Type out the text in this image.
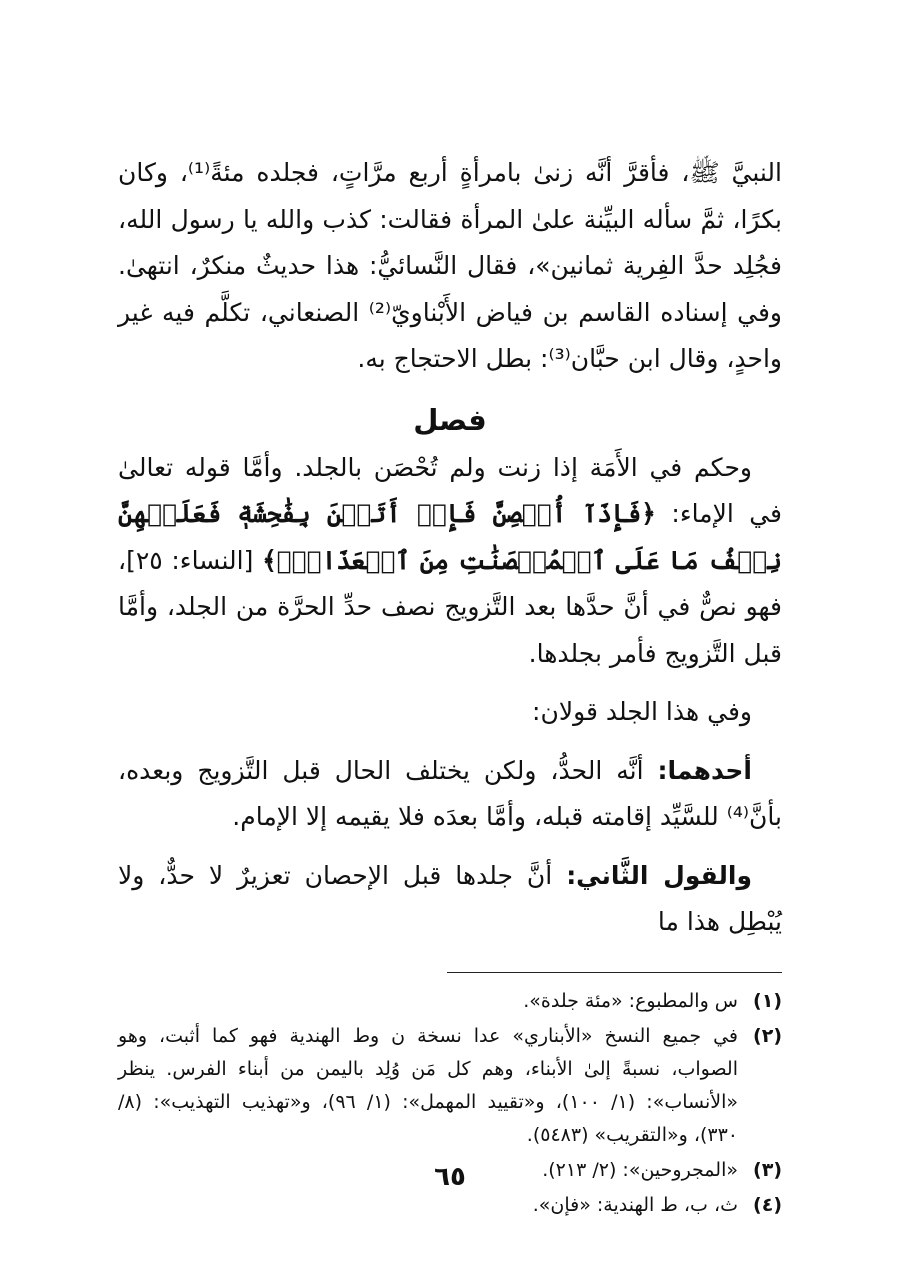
النبيَّ ﷺ، فأقرَّ أنَّه زنىٰ بامرأةٍ أربع مرَّاتٍ، فجلده مئةً⁽¹⁾، وكان بكرًا، ثمَّ سأله البيِّنة علىٰ المرأة فقالت: كذب والله يا رسول الله، فجُلِد حدَّ الفِرية ثمانين»، فقال النَّسائيُّ: هذا حديثٌ منكرٌ، انتهىٰ. وفي إسناده القاسم بن فياض الأَبْناويّ⁽²⁾ الصنعاني، تكلَّم فيه غير واحدٍ، وقال ابن حبَّان⁽³⁾: بطل الاحتجاج به.

فصل

وحكم في الأَمَة إذا زنت ولم تُحْصَن بالجلد. وأمَّا قوله تعالىٰ في الإماء: ﴿فَإِذَآ أُحۡصِنَّ فَإِنۡ أَتَيۡنَ بِفَٰحِشَةٖ فَعَلَيۡهِنَّ نِصۡفُ مَا عَلَى ٱلۡمُحۡصَنَٰتِ مِنَ ٱلۡعَذَابِۚ﴾ [النساء: ٢٥]، فهو نصٌّ في أنَّ حدَّها بعد التَّزويج نصف حدِّ الحرَّة من الجلد، وأمَّا قبل التَّزويج فأمر بجلدها.

وفي هذا الجلد قولان:

أحدهما: أنَّه الحدُّ، ولكن يختلف الحال قبل التَّزويج وبعده، بأنَّ⁽⁴⁾ للسَّيِّد إقامته قبله، وأمَّا بعدَه فلا يقيمه إلا الإمام.

والقول الثَّاني: أنَّ جلدها قبل الإحصان تعزيرٌ لا حدٌّ، ولا يُبْطِل هذا ما

(١)
س والمطبوع: «مئة جلدة».
(٢)
في جميع النسخ «الأبناري» عدا نسخة ن وط الهندية فهو كما أثبت، وهو الصواب، نسبةً إلىٰ الأبناء، وهم كل مَن وُلِد باليمن من أبناء الفرس. ينظر «الأنساب»: (١/ ١٠٠)، و«تقييد المهمل»: (١/ ٩٦)، و«تهذيب التهذيب»: (٨/ ٣٣٠)، و«التقريب» (٥٤٨٣).
(٣)
«المجروحين»: (٢/ ٢١٣).
(٤)
ث، ب، ط الهندية: «فإن».
٦٥
